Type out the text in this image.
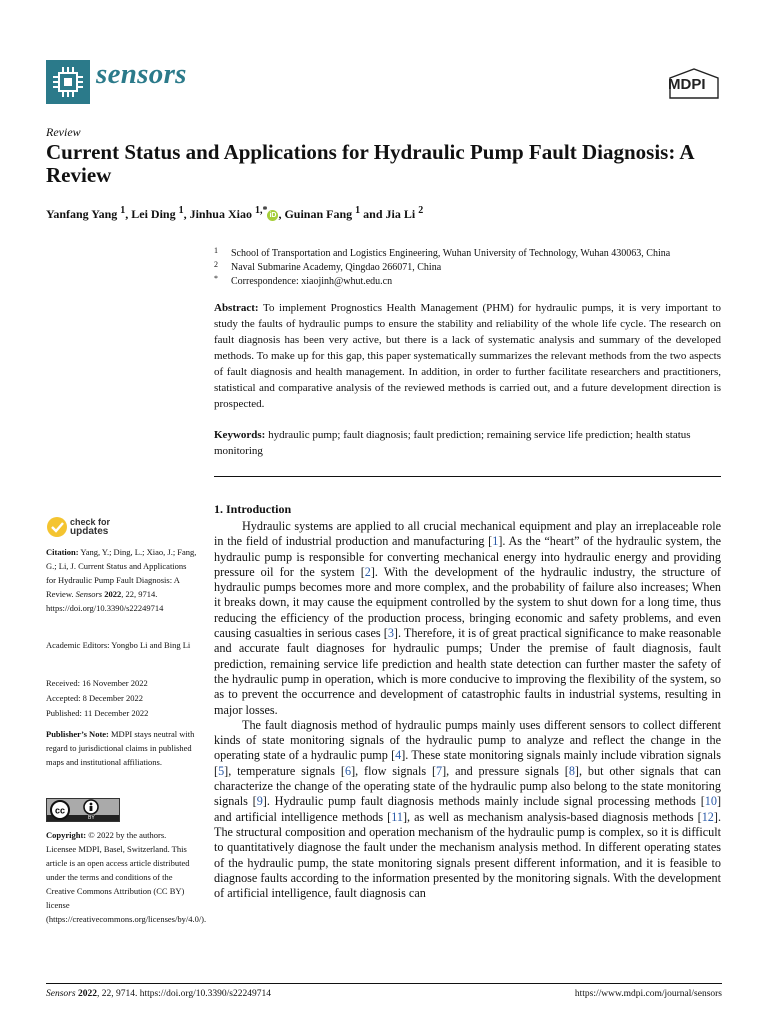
sensors	MDPI
Review
Current Status and Applications for Hydraulic Pump Fault Diagnosis: A Review
Yanfang Yang $^1$, Lei Ding $^1$, Jinhua Xiao $^{1,*}$ iD , Guinan Fang $^1$ and Jia Li $^2$
1 School of Transportation and Logistics Engineering, Wuhan University of Technology, Wuhan 430063, China
2 Naval Submarine Academy, Qingdao 266071, China
* Correspondence: xiaojinh@whut.edu.cn
Abstract: To implement Prognostics Health Management (PHM) for hydraulic pumps, it is very important to study the faults of hydraulic pumps to ensure the stability and reliability of the whole life cycle. The research on fault diagnosis has been very active, but there is a lack of systematic analysis and summary of the developed methods. To make up for this gap, this paper systematically summarizes the relevant methods from the two aspects of fault diagnosis and health management. In addition, in order to further facilitate researchers and practitioners, statistical and comparative analysis of the reviewed methods is carried out, and a future development direction is prospected.
Keywords: hydraulic pump; fault diagnosis; fault prediction; remaining service life prediction; health status monitoring
check for
updates
Citation: Yang, Y.; Ding, L.; Xiao, J.; Fang, G.; Li, J. Current Status and Applications for Hydraulic Pump Fault Diagnosis: A Review. Sensors 2022, 22, 9714. https://doi.org/10.3390/s22249714
Academic Editors: Yongbo Li and Bing Li
Received: 16 November 2022
Accepted: 8 December 2022
Published: 11 December 2022
Publisher’s Note: MDPI stays neutral with regard to jurisdictional claims in published maps and institutional affiliations.
cc
BY
Copyright: © 2022 by the authors. Licensee MDPI, Basel, Switzerland. This article is an open access article distributed under the terms and conditions of the Creative Commons Attribution (CC BY) license (https://creativecommons.org/licenses/by/4.0/).
1. Introduction

Hydraulic systems are applied to all crucial mechanical equipment and play an irreplaceable role in the field of industrial production and manufacturing [1]. As the “heart” of the hydraulic system, the hydraulic pump is responsible for converting mechanical energy into hydraulic energy and providing pressure oil for the system [2]. With the development of the hydraulic industry, the structure of hydraulic pumps becomes more and more complex, and the probability of failure also increases; When it breaks down, it may cause the equipment controlled by the system to shut down for a long time, thus reducing the efficiency of the production process, bringing economic and safety problems, and even causing casualties in serious cases [3]. Therefore, it is of great practical significance to make reasonable and accurate fault diagnoses for hydraulic pumps; Under the premise of fault diagnosis, fault prediction, remaining service life prediction and health state detection can further master the safety of the hydraulic pump in operation, which is more conducive to improving the flexibility of the system, so as to prevent the occurrence and development of catastrophic faults in industrial systems, resulting in major losses.

The fault diagnosis method of hydraulic pumps mainly uses different sensors to collect different kinds of state monitoring signals of the hydraulic pump to analyze and reflect the change in the operating state of a hydraulic pump [4]. These state monitoring signals mainly include vibration signals [5], temperature signals [6], flow signals [7], and pressure signals [8], but other signals that can characterize the change of the operating state of the hydraulic pump also belong to the state monitoring signals [9]. Hydraulic pump fault diagnosis methods mainly include signal processing methods [10] and artificial intelligence methods [11], as well as mechanism analysis-based diagnosis methods [12]. The structural composition and operation mechanism of the hydraulic pump is complex, so it is difficult to quantitatively diagnose the fault under the mechanism analysis method. In different operating states of the hydraulic pump, the state monitoring signals present different information, and it is feasible to diagnose faults according to the information presented by the monitoring signals. With the development of artificial intelligence, fault diagnosis can

Sensors 2022, 22, 9714. https://doi.org/10.3390/s22249714	https://www.mdpi.com/journal/sensors
